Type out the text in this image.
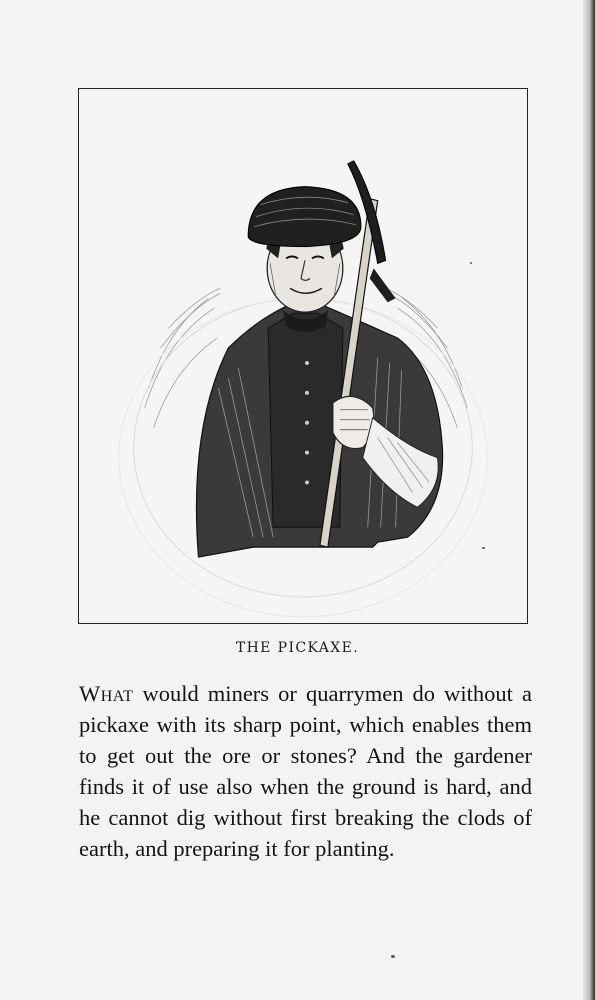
THE PICKAXE.
What would miners or quarrymen do without a pickaxe with its sharp point, which enables them to get out the ore or stones? And the gardener finds it of use also when the ground is hard, and he cannot dig without first breaking the clods of earth, and preparing it for planting.
